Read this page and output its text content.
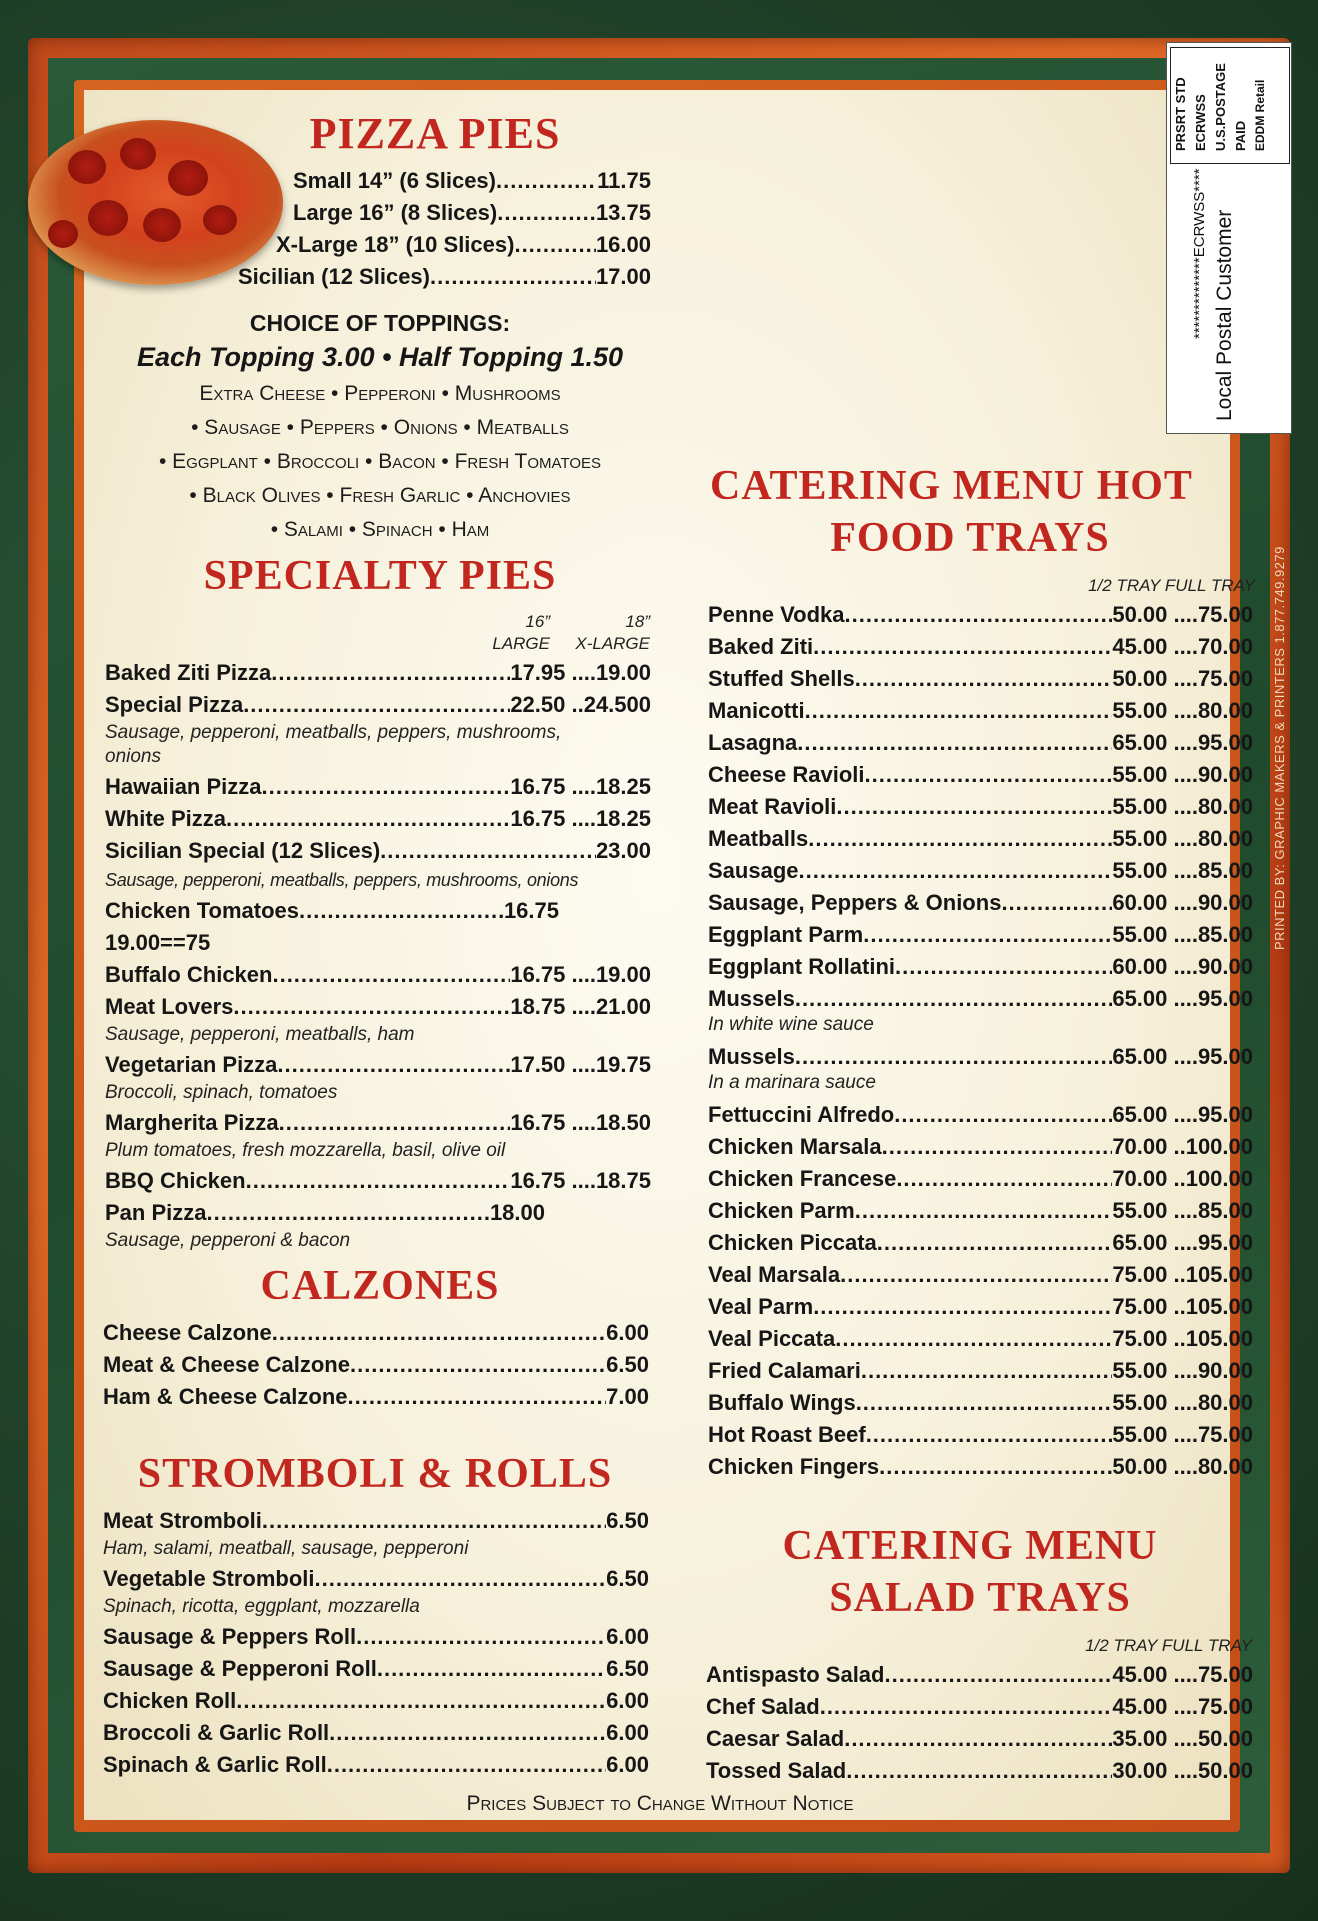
PIZZA PIES
Small 14” (6 Slices) .....	11.75
Large 16” (8 Slices) .....	13.75
X-Large 18” (10 Slices) .....	16.00
Sicilian (12 Slices) .....	17.00
CHOICE OF TOPPINGS:
Each Topping 3.00 • Half Topping 1.50
Extra Cheese • Pepperoni • Mushrooms
• Sausage • Peppers • Onions • Meatballs
• Eggplant • Broccoli • Bacon • Fresh Tomatoes
• Black Olives • Fresh Garlic • Anchovies
• Salami • Spinach • Ham
SPECIALTY PIES
16”	18”
LARGE	X-LARGE
Baked Ziti Pizza .....	17.95 ....19.00
Special Pizza .....	22.50 ..24.500
Sausage, pepperoni, meatballs, peppers, mushrooms,
onions
Hawaiian Pizza .....	16.75 ....18.25
White Pizza .....	16.75 ....18.25
Sicilian Special (12 Slices) .....	23.00
Sausage, pepperoni, meatballs, peppers, mushrooms, onions
Chicken Tomatoes .....	16.75
19.00==75
Buffalo Chicken .....	16.75 ....19.00
Meat Lovers .....	18.75 ....21.00
Sausage, pepperoni, meatballs, ham
Vegetarian Pizza .....	17.50 ....19.75
Broccoli, spinach, tomatoes
Margherita Pizza .....	16.75 ....18.50
Plum tomatoes, fresh mozzarella, basil, olive oil
BBQ Chicken .....	16.75 ....18.75
Pan Pizza .....	18.00
Sausage, pepperoni & bacon
CALZONES
Cheese Calzone .....	6.00
Meat & Cheese Calzone .....	6.50
Ham & Cheese Calzone .....	7.00
STROMBOLI & ROLLS
Meat Stromboli .....	6.50
Ham, salami, meatball, sausage, pepperoni
Vegetable Stromboli .....	6.50
Spinach, ricotta, eggplant, mozzarella
Sausage & Peppers Roll .....	6.00
Sausage & Pepperoni Roll .....	6.50
Chicken Roll .....	6.00
Broccoli & Garlic Roll .....	6.00
Spinach & Garlic Roll .....	6.00
Prices Subject to Change Without Notice
CATERING MENU HOT
FOOD TRAYS
1/2 TRAY FULL TRAY
Penne Vodka .....	50.00 ....75.00
Baked Ziti .....	45.00 ....70.00
Stuffed Shells .....	50.00 ....75.00
Manicotti .....	55.00 ....80.00
Lasagna .....	65.00 ....95.00
Cheese Ravioli .....	55.00 ....90.00
Meat Ravioli .....	55.00 ....80.00
Meatballs .....	55.00 ....80.00
Sausage .....	55.00 ....85.00
Sausage, Peppers & Onions .....	60.00 ....90.00
Eggplant Parm .....	55.00 ....85.00
Eggplant Rollatini .....	60.00 ....90.00
Mussels .....	65.00 ....95.00
In white wine sauce
Mussels .....	65.00 ....95.00
In a marinara sauce
Fettuccini Alfredo .....	65.00 ....95.00
Chicken Marsala .....	70.00 ..100.00
Chicken Francese .....	70.00 ..100.00
Chicken Parm .....	55.00 ....85.00
Chicken Piccata .....	65.00 ....95.00
Veal Marsala .....	75.00 ..105.00
Veal Parm .....	75.00 ..105.00
Veal Piccata .....	75.00 ..105.00
Fried Calamari .....	55.00 ....90.00
Buffalo Wings .....	55.00 ....80.00
Hot Roast Beef .....	55.00 ....75.00
Chicken Fingers .....	50.00 ....80.00
CATERING MENU
SALAD TRAYS
1/2 TRAY FULL TRAY
Antispasto Salad .....	45.00 ....75.00
Chef Salad .....	45.00 ....75.00
Caesar Salad .....	35.00 ....50.00
Tossed Salad .....	30.00 ....50.00
PRSRT STD ECRWSS U.S.POSTAGE PAID EDDM Retail
**************ECRWSS**** Local Postal Customer
PRINTED BY: GRAPHIC MAKERS & PRINTERS 1.877.749.9279
